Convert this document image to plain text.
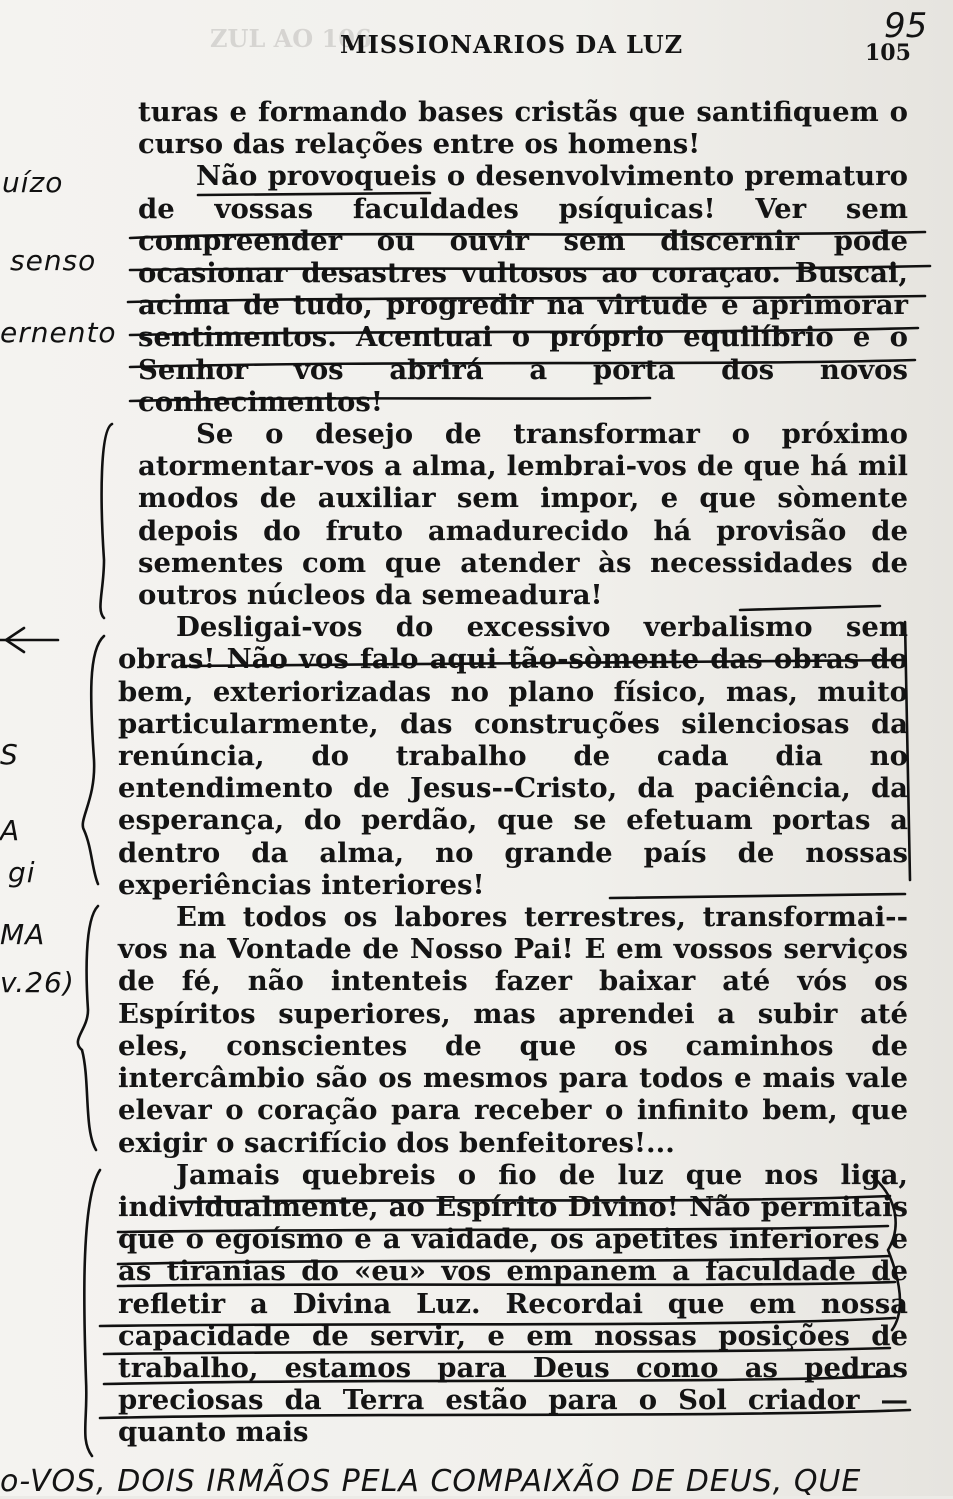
ZUL AO 106
MISSIONARIOS DA LUZ	105
95

turas e formando bases cristãs que santifiquem o curso das relações entre os homens!

Não provoqueis o desenvolvimento prematuro de vossas faculdades psíquicas! Ver sem compreender ou ouvir sem discernir pode ocasionar desastres vultosos ao coraçao. Buscai, acima de tudo, progredir na virtude e aprimorar sentimentos. Acentuai o próprio equilíbrio e o Senhor vos abrirá a porta dos novos conhecimentos!

Se o desejo de transformar o próximo atormentar-vos a alma, lembrai-vos de que há mil modos de auxiliar sem impor, e que sòmente depois do fruto amadurecido há provisão de sementes com que atender às necessidades de outros núcleos da semeadura!

Desligai-vos do excessivo verbalismo sem obras! Não vos falo aqui tão-sòmente das obras do bem, exteriorizadas no plano físico, mas, muito particularmente, das construções silenciosas da renúncia, do trabalho de cada dia no entendimento de Jesus--Cristo, da paciência, da esperança, do perdão, que se efetuam portas a dentro da alma, no grande país de nossas experiências interiores!

Em todos os labores terrestres, transformai--vos na Vontade de Nosso Pai! E em vossos serviços de fé, não intenteis fazer baixar até vós os Espíritos superiores, mas aprendei a subir até eles, conscientes de que os caminhos de intercâmbio são os mesmos para todos e mais vale elevar o coração para receber o infinito bem, que exigir o sacrifício dos benfeitores!...

Jamais quebreis o fio de luz que nos liga, individualmente, ao Espírito Divino! Não permitais que o egoísmo e a vaidade, os apetites inferiores e as tiranias do «eu» vos empanem a faculdade de refletir a Divina Luz. Recordai que em nossa capacidade de servir, e em nossas posições de trabalho, estamos para Deus como as pedras preciosas da Terra estão para o Sol criador — quanto mais

uízo
senso
ernento
S
A
gi
MA
v.26)
o-VOS, DOIS IRMÃOS PELA COMPAIXÃO DE DEUS, QUE
